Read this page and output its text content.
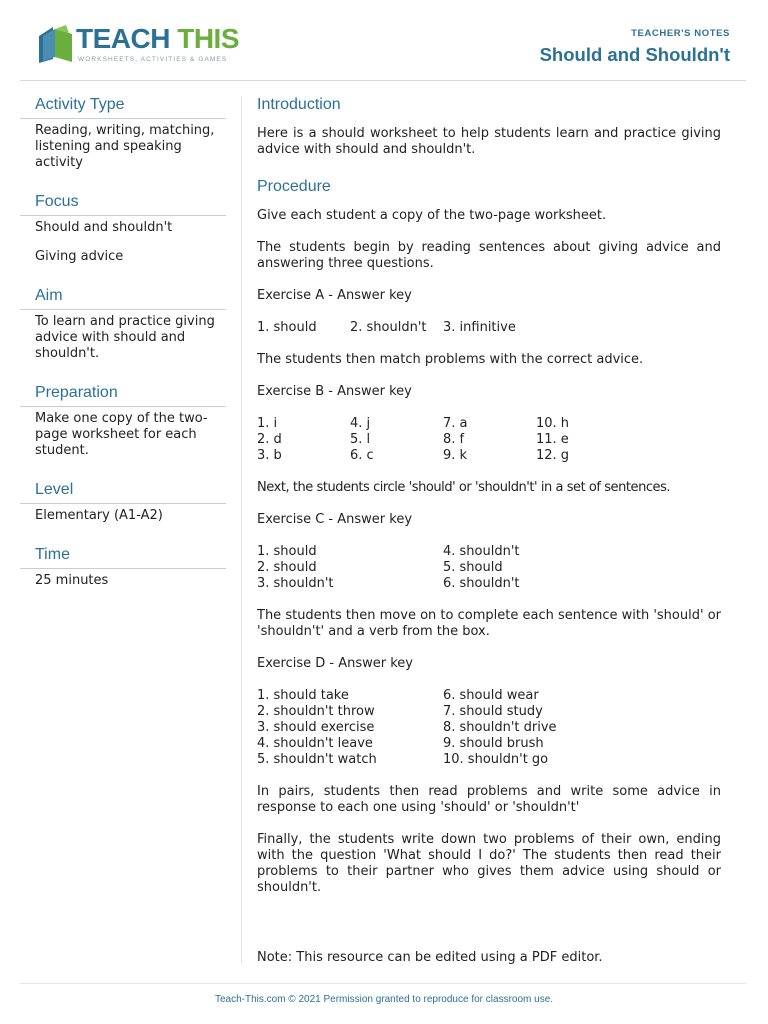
TEACH THIS
WORKSHEETS, ACTIVITIES & GAMES
TEACHER'S NOTES
Should and Shouldn't
Activity Type

Reading, writing, matching, listening and speaking activity

Focus

Should and shouldn't

Giving advice

Aim

To learn and practice giving advice with should and shouldn't.

Preparation

Make one copy of the two-page worksheet for each student.

Level

Elementary (A1-A2)

Time

25 minutes

Introduction

Here is a should worksheet to help students learn and practice giving advice with should and shouldn't.

Procedure

Give each student a copy of the two-page worksheet.

The students begin by reading sentences about giving advice and answering three questions.

Exercise A - Answer key

1. should	2. shouldn't	3. infinitive

The students then match problems with the correct advice.

Exercise B - Answer key

1. i	4. j	7. a	10. h
2. d	5. l	8. f	11. e
3. b	6. c	9. k	12. g

Next, the students circle 'should' or 'shouldn't' in a set of sentences.

Exercise C - Answer key

1. should	4. shouldn't
2. should	5. should
3. shouldn't	6. shouldn't

The students then move on to complete each sentence with 'should' or 'shouldn't' and a verb from the box.

Exercise D - Answer key

1. should take	6. should wear
2. shouldn't throw	7. should study
3. should exercise	8. shouldn't drive
4. shouldn't leave	9. should brush
5. shouldn't watch	10. shouldn't go

In pairs, students then read problems and write some advice in response to each one using 'should' or 'shouldn't'

Finally, the students write down two problems of their own, ending with the question 'What should I do?' The students then read their problems to their partner who gives them advice using should or shouldn't.

Note: This resource can be edited using a PDF editor.

Teach-This.com © 2021 Permission granted to reproduce for classroom use.
